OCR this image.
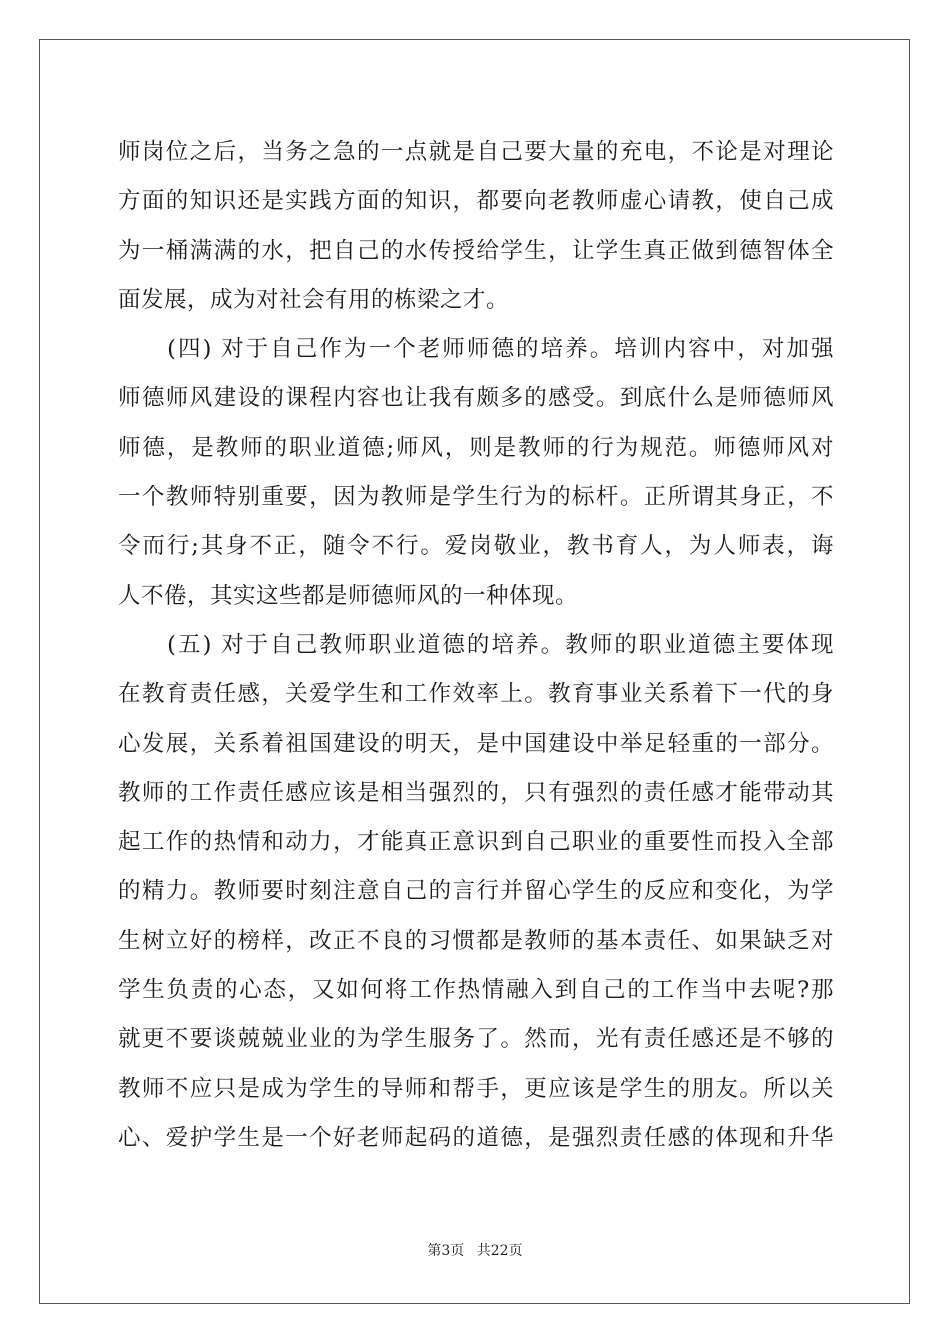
师岗位之后，当务之急的一点就是自己要大量的充电，不论是对理论
方面的知识还是实践方面的知识，都要向老教师虚心请教，使自己成
为一桶满满的水，把自己的水传授给学生，让学生真正做到德智体全
面发展，成为对社会有用的栋梁之才。
　　(四) 对于自己作为一个老师师德的培养。培训内容中，对加强
师德师风建设的课程内容也让我有颇多的感受。到底什么是师德师风
师德，是教师的职业道德;师风，则是教师的行为规范。师德师风对
一个教师特别重要，因为教师是学生行为的标杆。正所谓其身正，不
令而行;其身不正，随令不行。爱岗敬业，教书育人，为人师表，诲
人不倦，其实这些都是师德师风的一种体现。
　　(五) 对于自己教师职业道德的培养。教师的职业道德主要体现
在教育责任感，关爱学生和工作效率上。教育事业关系着下一代的身
心发展，关系着祖国建设的明天，是中国建设中举足轻重的一部分。
教师的工作责任感应该是相当强烈的，只有强烈的责任感才能带动其
起工作的热情和动力，才能真正意识到自己职业的重要性而投入全部
的精力。教师要时刻注意自己的言行并留心学生的反应和变化，为学
生树立好的榜样，改正不良的习惯都是教师的基本责任、如果缺乏对
学生负责的心态，又如何将工作热情融入到自己的工作当中去呢?那
就更不要谈兢兢业业的为学生服务了。然而，光有责任感还是不够的
教师不应只是成为学生的导师和帮手，更应该是学生的朋友。所以关
心、爱护学生是一个好老师起码的道德，是强烈责任感的体现和升华
第3页 共22页
